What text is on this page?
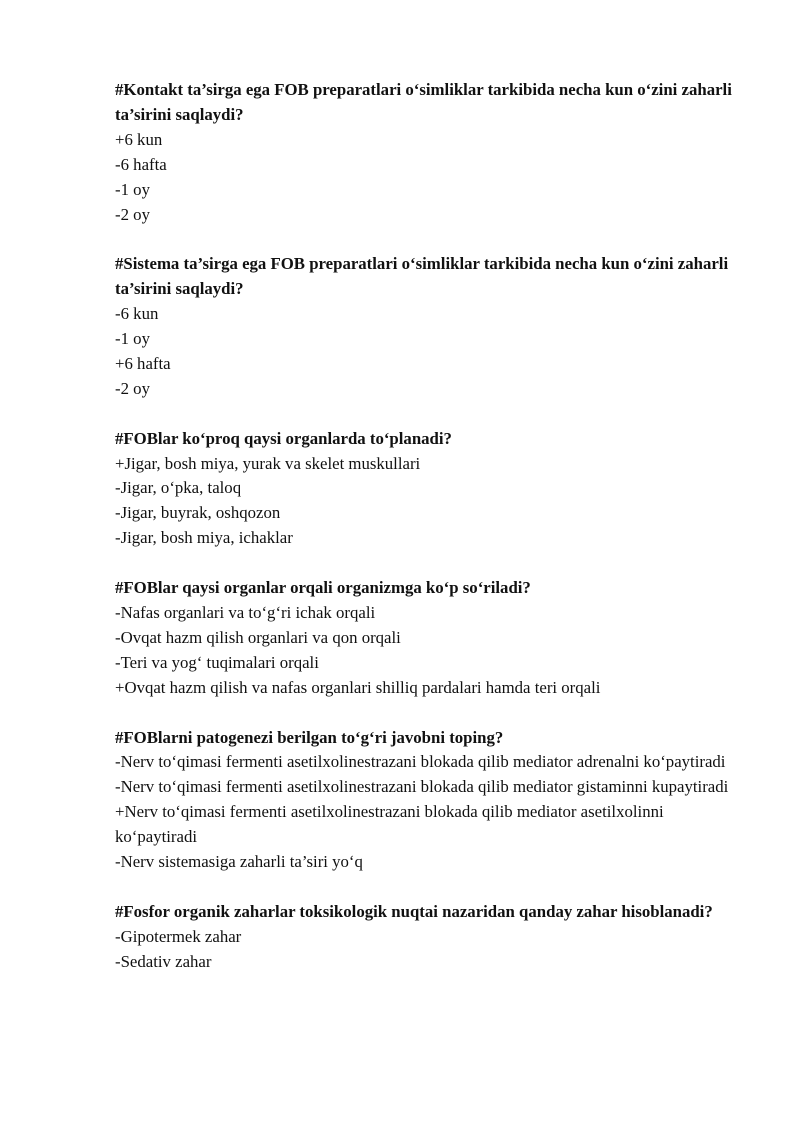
#Kontakt ta’sirga ega FOB preparatlari o‘simliklar tarkibida necha kun o‘zini zaharli ta’sirini saqlaydi?

+6 kun

-6 hafta

-1 oy

-2 oy

#Sistema ta’sirga ega FOB preparatlari o‘simliklar tarkibida necha kun o‘zini zaharli ta’sirini saqlaydi?

-6 kun

-1 oy

+6 hafta

-2 oy

#FOBlar ko‘proq qaysi organlarda to‘planadi?

+Jigar, bosh miya, yurak va skelet muskullari

-Jigar, o‘pka, taloq

-Jigar, buyrak, oshqozon

-Jigar, bosh miya, ichaklar

#FOBlar qaysi organlar orqali organizmga ko‘p so‘riladi?

-Nafas organlari va to‘g‘ri ichak orqali

-Ovqat hazm qilish organlari va qon orqali

-Teri va yog‘ tuqimalari orqali

+Ovqat hazm qilish va nafas organlari shilliq pardalari hamda teri orqali

#FOBlarni patogenezi berilgan to‘g‘ri javobni toping?

-Nerv to‘qimasi fermenti asetilxolinestrazani blokada qilib mediator adrenalni ko‘paytiradi

-Nerv to‘qimasi fermenti asetilxolinestrazani blokada qilib mediator gistaminni kupaytiradi

+Nerv to‘qimasi fermenti asetilxolinestrazani blokada qilib mediator asetilxolinni ko‘paytiradi

-Nerv sistemasiga zaharli ta’siri yo‘q

#Fosfor organik zaharlar toksikologik nuqtai nazaridan qanday zahar hisoblanadi?

-Gipotermek zahar

-Sedativ zahar
